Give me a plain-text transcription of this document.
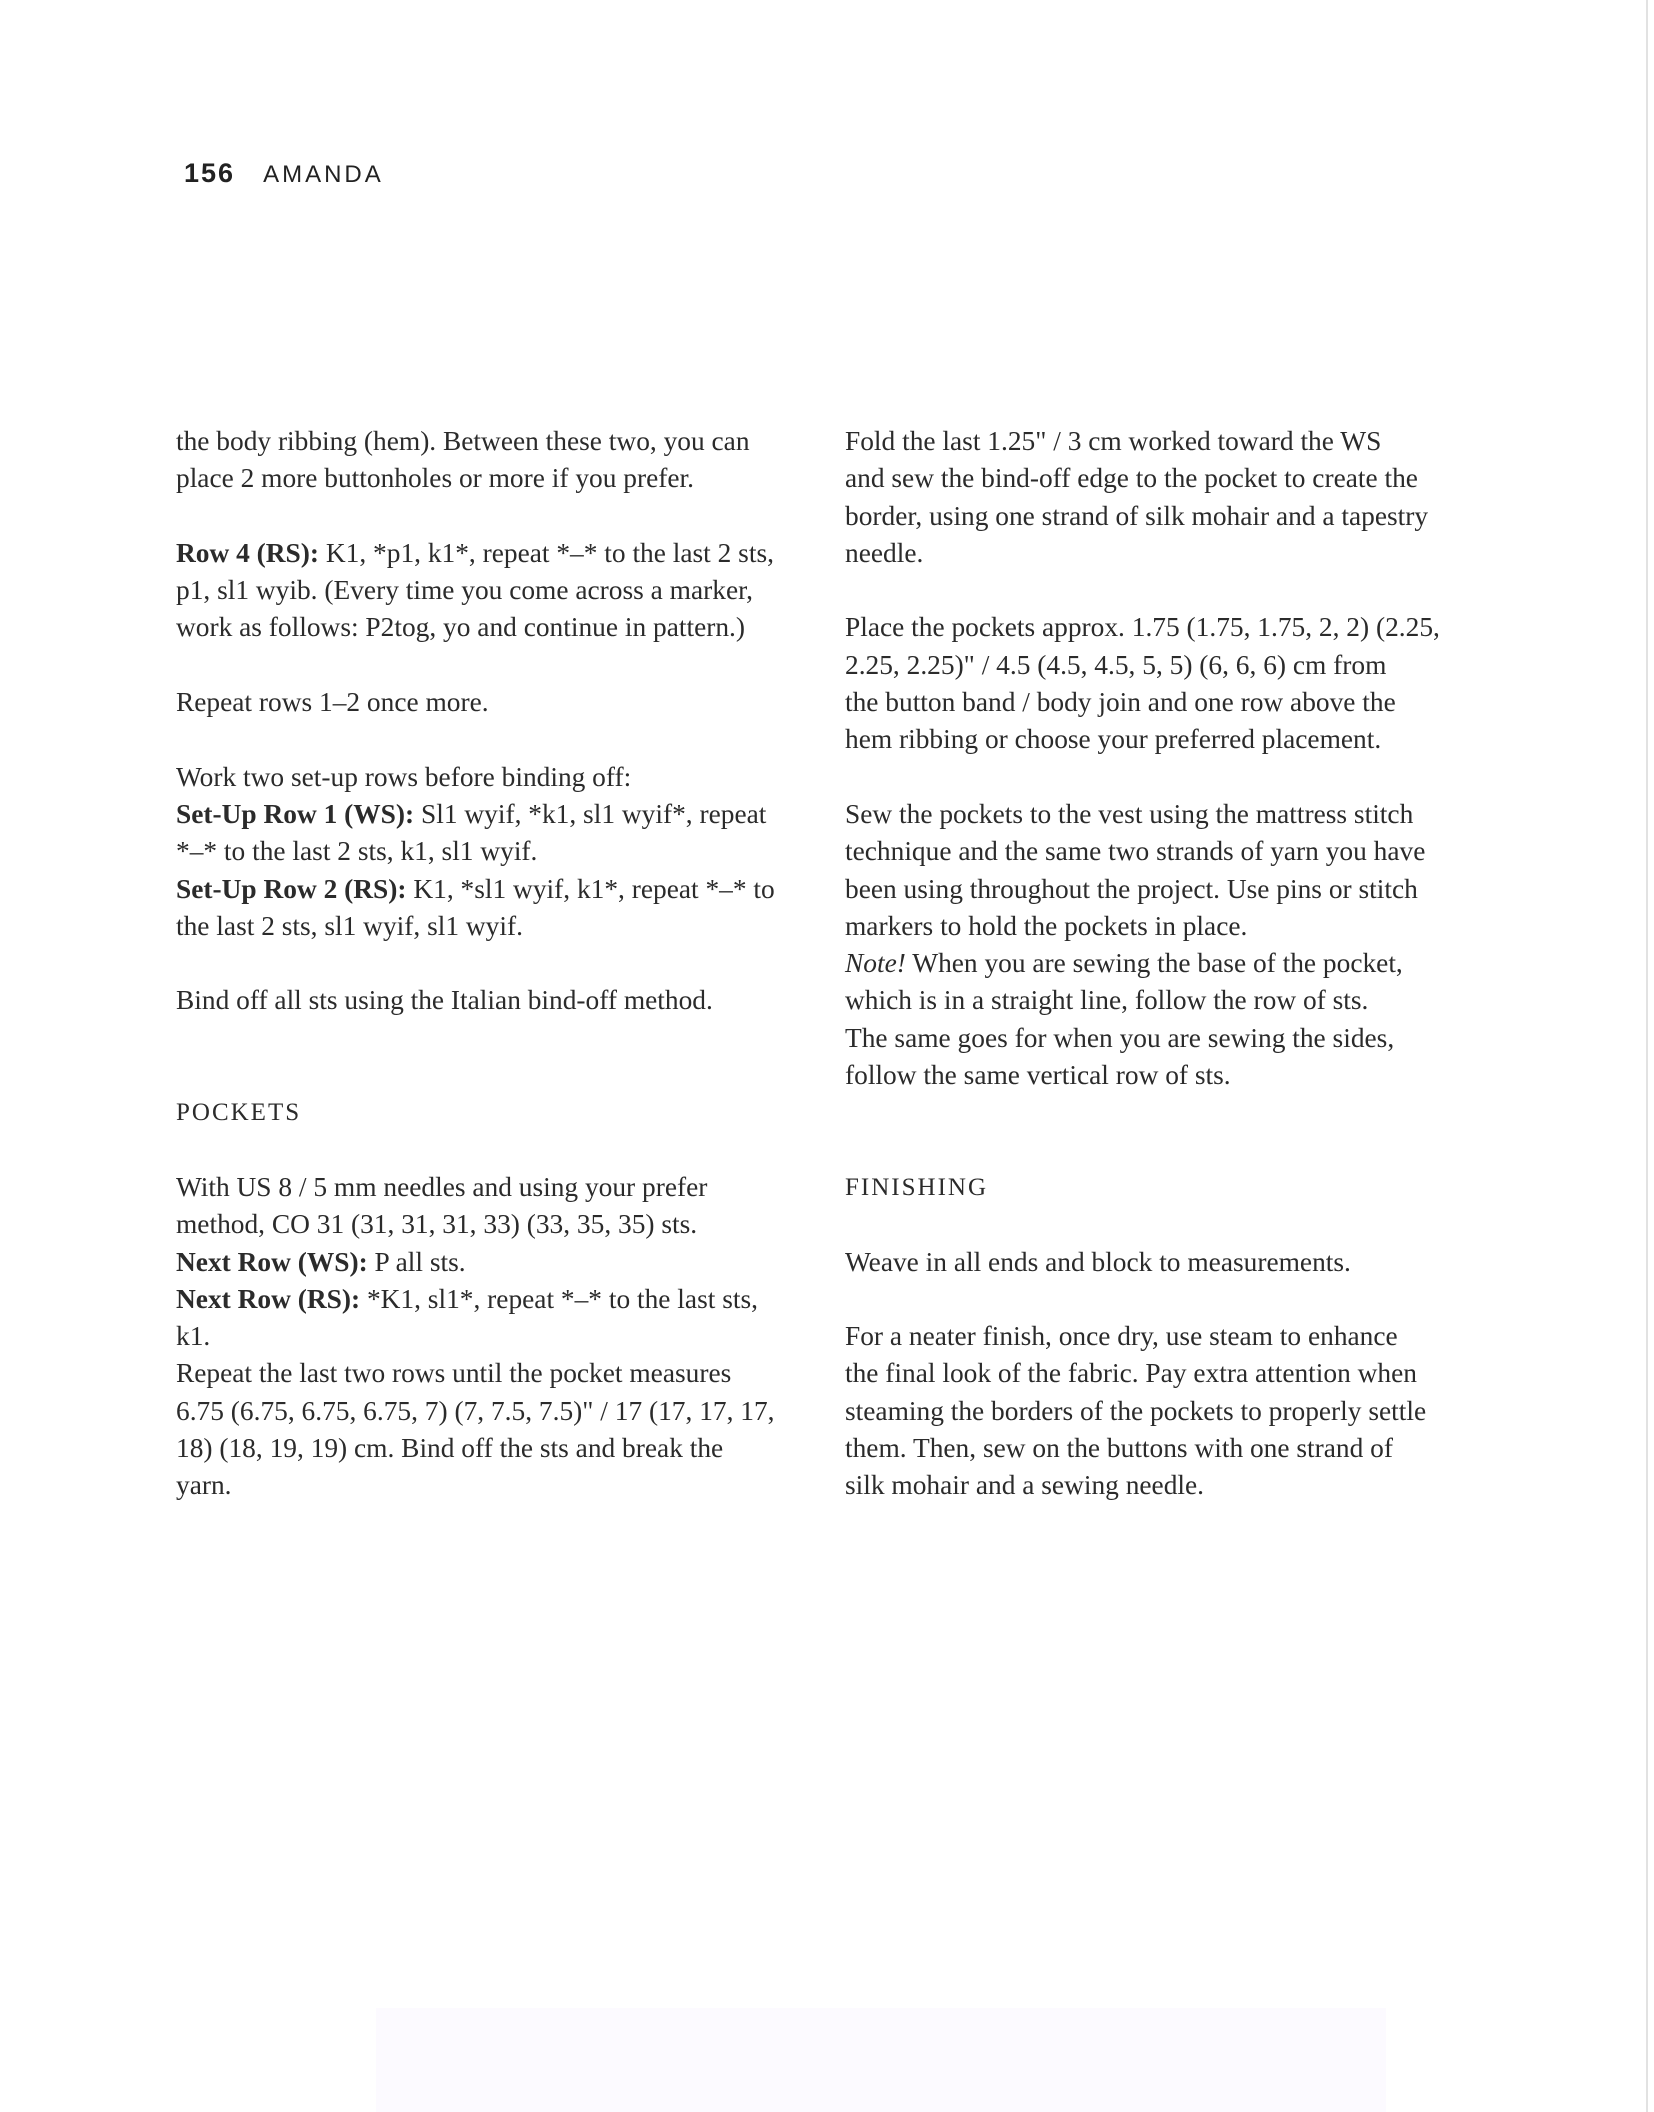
156 AMANDA

the body ribbing (hem). Between these two, you can
place 2 more buttonholes or more if you prefer.

Row 4 (RS): K1, *p1, k1*, repeat *–* to the last 2 sts,
p1, sl1 wyib. (Every time you come across a marker,
work as follows: P2tog, yo and continue in pattern.)

Repeat rows 1–2 once more.

Work two set-up rows before binding off:
Set-Up Row 1 (WS): Sl1 wyif, *k1, sl1 wyif*, repeat
*–* to the last 2 sts, k1, sl1 wyif.
Set-Up Row 2 (RS): K1, *sl1 wyif, k1*, repeat *–* to
the last 2 sts, sl1 wyif, sl1 wyif.

Bind off all sts using the Italian bind-off method.

POCKETS

With US 8 / 5 mm needles and using your prefer
method, CO 31 (31, 31, 31, 33) (33, 35, 35) sts.
Next Row (WS): P all sts.
Next Row (RS): *K1, sl1*, repeat *–* to the last sts,
k1.
Repeat the last two rows until the pocket measures
6.75 (6.75, 6.75, 6.75, 7) (7, 7.5, 7.5)" / 17 (17, 17, 17,
18) (18, 19, 19) cm. Bind off the sts and break the
yarn.

Fold the last 1.25" / 3 cm worked toward the WS
and sew the bind-off edge to the pocket to create the
border, using one strand of silk mohair and a tapestry
needle.

Place the pockets approx. 1.75 (1.75, 1.75, 2, 2) (2.25,
2.25, 2.25)" / 4.5 (4.5, 4.5, 5, 5) (6, 6, 6) cm from
the button band / body join and one row above the
hem ribbing or choose your preferred placement.

Sew the pockets to the vest using the mattress stitch
technique and the same two strands of yarn you have
been using throughout the project. Use pins or stitch
markers to hold the pockets in place.
Note! When you are sewing the base of the pocket,
which is in a straight line, follow the row of sts.
The same goes for when you are sewing the sides,
follow the same vertical row of sts.

FINISHING

Weave in all ends and block to measurements.

For a neater finish, once dry, use steam to enhance
the final look of the fabric. Pay extra attention when
steaming the borders of the pockets to properly settle
them. Then, sew on the buttons with one strand of
silk mohair and a sewing needle.
